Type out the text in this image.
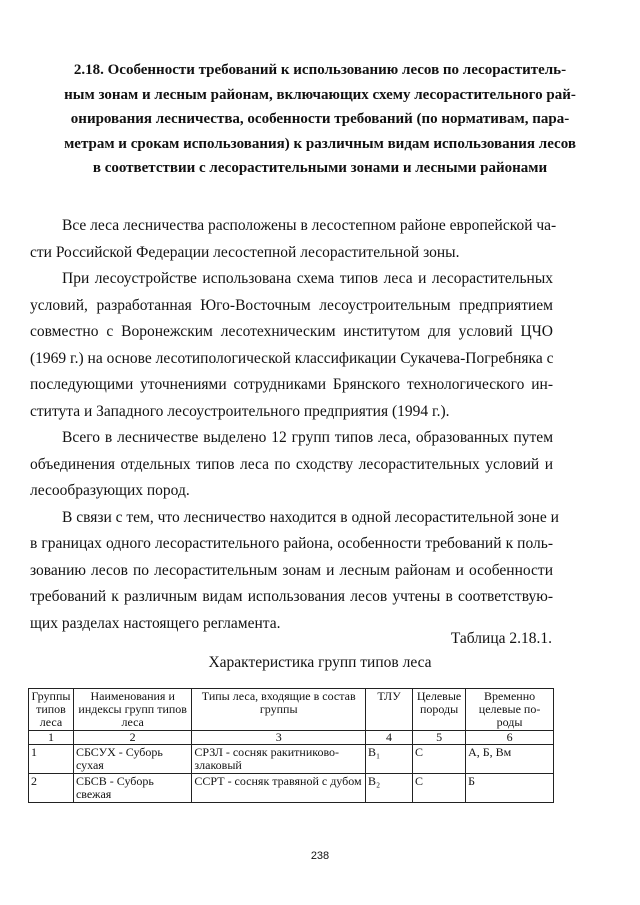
2.18. Особенности требований к использованию лесов по лесораститель-
ным зонам и лесным районам, включающих схему лесорастительного рай-
онирования лесничества, особенности требований (по нормативам, пара-
метрам и срокам использования) к различным видам использования лесов
в соответствии с лесорастительными зонами и лесными районами
Все леса лесничества расположены в лесостепном районе европейской ча-
сти Российской Федерации лесостепной лесорастительной зоны.
При лесоустройстве использована схема типов леса и лесорастительных
условий, разработанная Юго-Восточным лесоустроительным предприятием
совместно с Воронежским лесотехническим институтом для условий ЦЧО
(1969 г.) на основе лесотипологической классификации Сукачева-Погребняка с
последующими уточнениями сотрудниками Брянского технологического ин-
ститута и Западного лесоустроительного предприятия (1994 г.).
Всего в лесничестве выделено 12 групп типов леса, образованных путем
объединения отдельных типов леса по сходству лесорастительных условий и
лесообразующих пород.
В связи с тем, что лесничество находится в одной лесорастительной зоне и
в границах одного лесорастительного района, особенности требований к поль-
зованию лесов по лесорастительным зонам и лесным районам и особенности
требований к различным видам использования лесов учтены в соответствую-
щих разделах настоящего регламента.
Таблица 2.18.1.
Характеристика групп типов леса
Группы типов леса	Наименования и индексы групп типов леса	Типы леса, входящие в состав группы	ТЛУ	Целевые породы	Временно целевые по-роды
1	2	3	4	5	6
1	СБСУХ - Суборь сухая	СРЗЛ - сосняк ракитниково-злаковый	В₁	С	А, Б, Вм
2	СБСВ - Суборь свежая	ССРТ - сосняк травяной с дубом	В₂	С	Б
238
